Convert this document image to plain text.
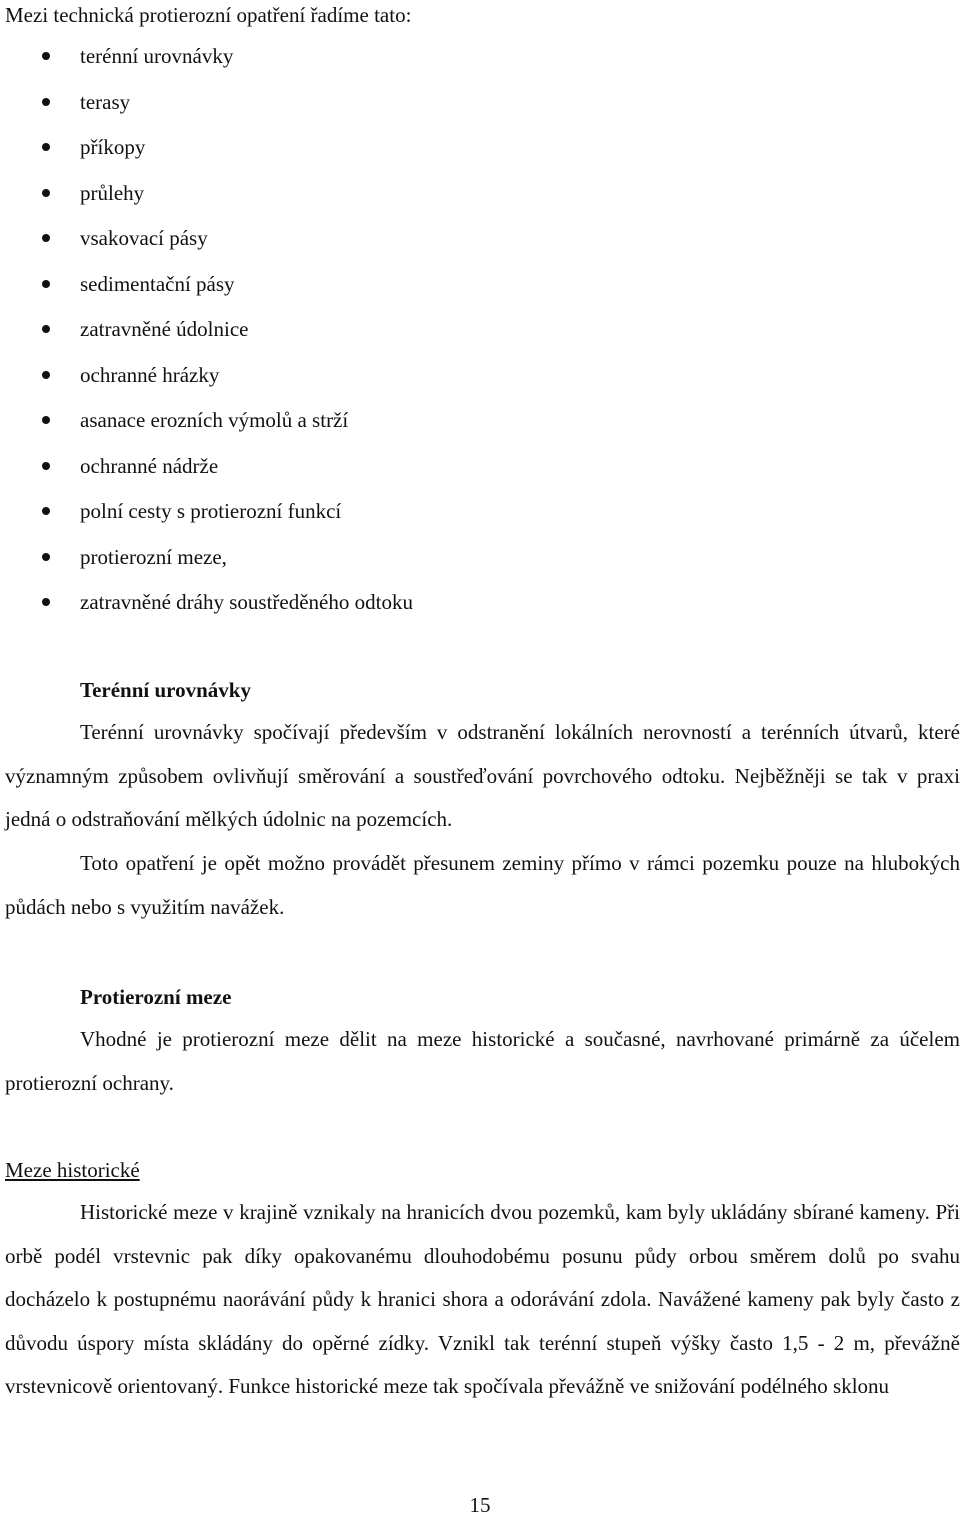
Mezi technická protierozní opatření řadíme tato:
terénní urovnávky
terasy
příkopy
průlehy
vsakovací pásy
sedimentační pásy
zatravněné údolnice
ochranné hrázky
asanace erozních výmolů a strží
ochranné nádrže
polní cesty s protierozní funkcí
protierozní meze,
zatravněné dráhy soustředěného odtoku
Terénní urovnávky

Terénní urovnávky spočívají především v odstranění lokálních nerovností a terénních útvarů, které významným způsobem ovlivňují směrování a soustřeďování povrchového odtoku. Nejběžněji se tak v praxi jedná o odstraňování mělkých údolnic na pozemcích.

Toto opatření je opět možno provádět přesunem zeminy přímo v rámci pozemku pouze na hlubokých půdách nebo s využitím navážek.

Protierozní meze

Vhodné je protierozní meze dělit na meze historické a současné, navrhované primárně za účelem protierozní ochrany.

Meze historické

Historické meze v krajině vznikaly na hranicích dvou pozemků, kam byly ukládány sbírané kameny. Při orbě podél vrstevnic pak díky opakovanému dlouhodobému posunu půdy orbou směrem dolů po svahu docházelo k postupnému naorávání půdy k hranici shora a odorávání zdola. Navážené kameny pak byly často z důvodu úspory místa skládány do opěrné zídky. Vznikl tak terénní stupeň výšky často 1,5 - 2 m, převážně vrstevnicově orientovaný. Funkce historické meze tak spočívala převážně ve snižování podélného sklonu

15
